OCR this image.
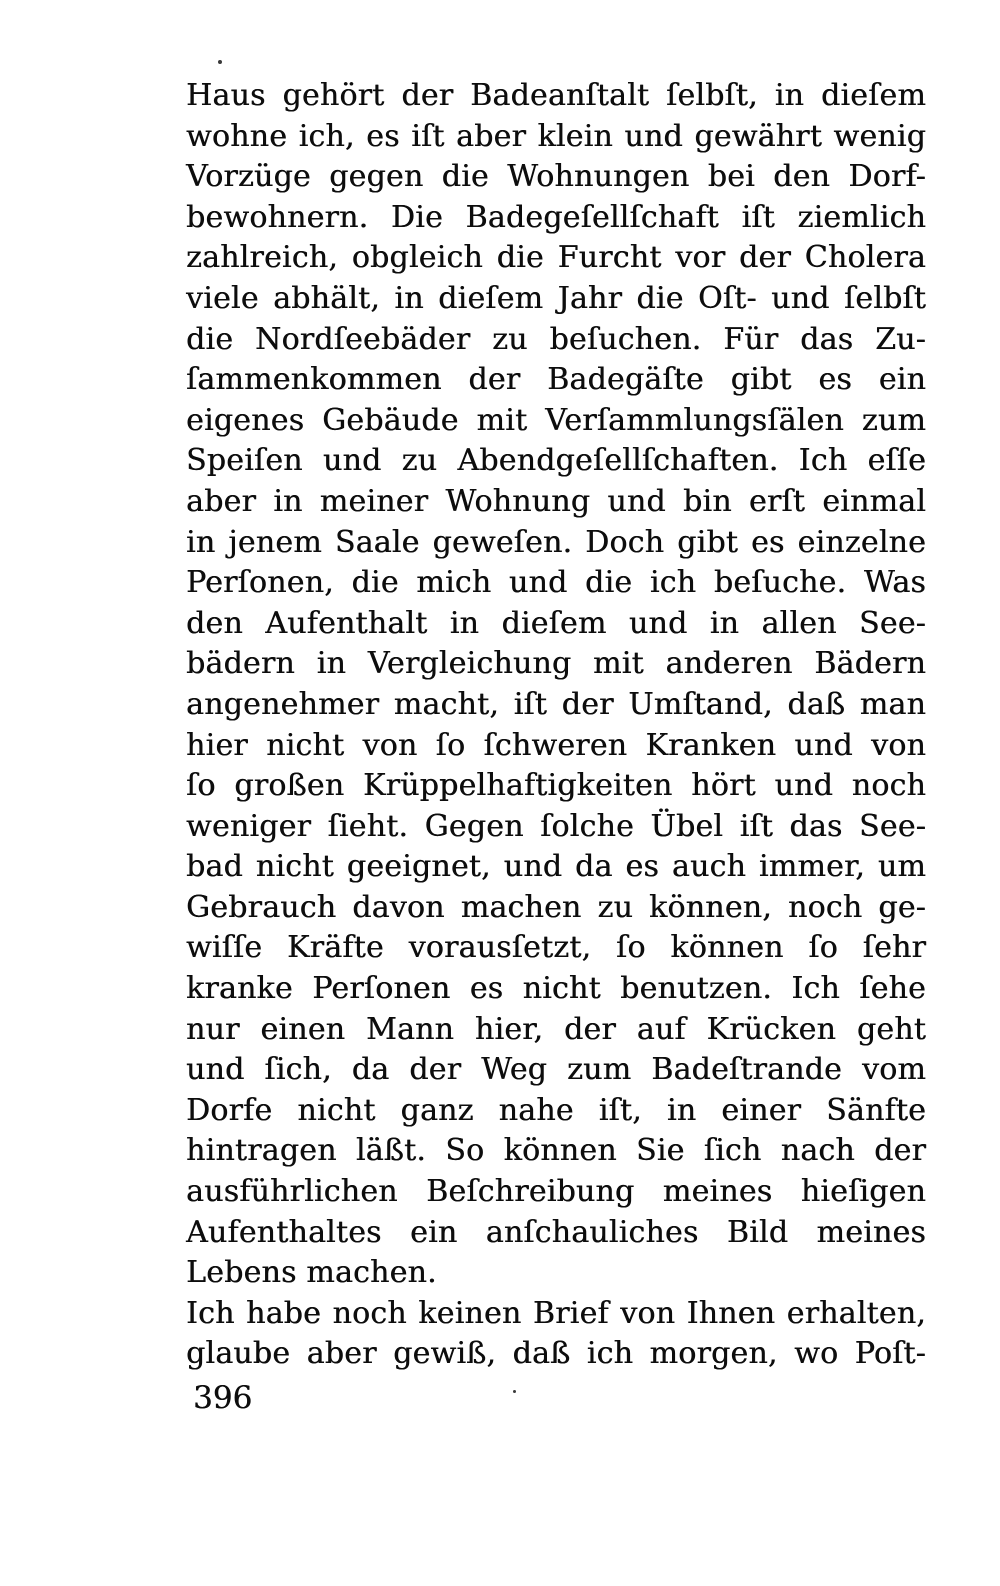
Haus gehört der Badeanſtalt ſelbſt, in dieſem
wohne ich, es iſt aber klein und gewährt wenig
Vorzüge gegen die Wohnungen bei den Dorf-
bewohnern. Die Badegeſellſchaft iſt ziemlich
zahlreich, obgleich die Furcht vor der Cholera
viele abhält, in dieſem Jahr die Oſt- und ſelbſt
die Nordſeebäder zu beſuchen. Für das Zu-
ſammenkommen der Badegäſte gibt es ein
eigenes Gebäude mit Verſammlungsſälen zum
Speiſen und zu Abendgeſellſchaften. Ich eſſe
aber in meiner Wohnung und bin erſt einmal
in jenem Saale geweſen. Doch gibt es einzelne
Perſonen, die mich und die ich beſuche. Was
den Aufenthalt in dieſem und in allen See-
bädern in Vergleichung mit anderen Bädern
angenehmer macht, iſt der Umſtand, daß man
hier nicht von ſo ſchweren Kranken und von
ſo großen Krüppelhaftigkeiten hört und noch
weniger ſieht. Gegen ſolche Übel iſt das See-
bad nicht geeignet, und da es auch immer, um
Gebrauch davon machen zu können, noch ge-
wiſſe Kräfte vorausſetzt, ſo können ſo ſehr
kranke Perſonen es nicht benutzen. Ich ſehe
nur einen Mann hier, der auf Krücken geht
und ſich, da der Weg zum Badeſtrande vom
Dorfe nicht ganz nahe iſt, in einer Sänfte
hintragen läßt. So können Sie ſich nach der
ausführlichen Beſchreibung meines hieſigen
Aufenthaltes ein anſchauliches Bild meines
Lebens machen.
Ich habe noch keinen Brief von Ihnen erhalten,
glaube aber gewiß, daß ich morgen, wo Poſt-
396
